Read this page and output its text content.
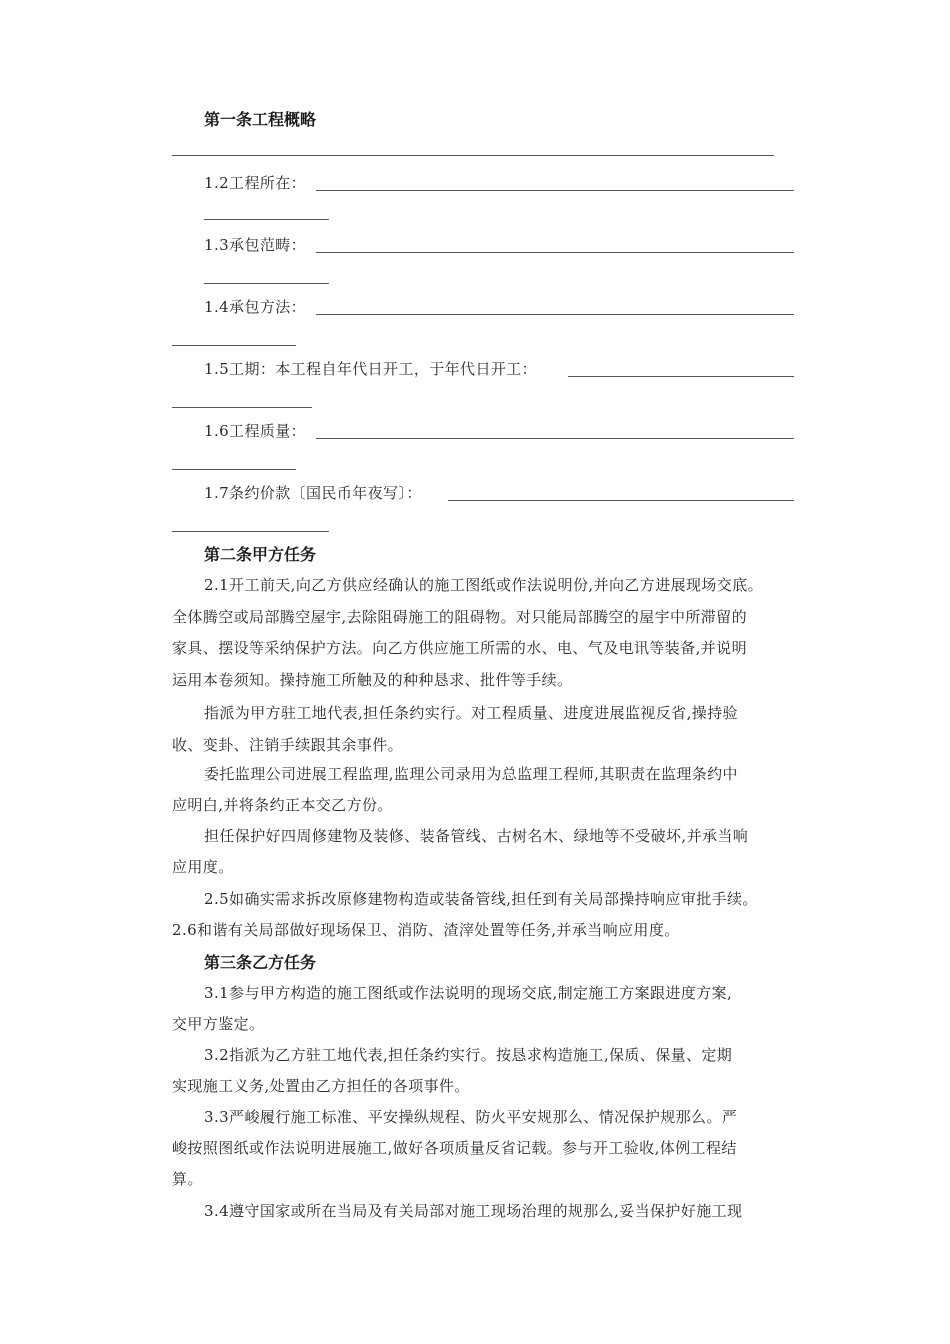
第一条工程概略
1.2工程所在：
1.3承包范畴：
1.4承包方法：
1.5工期：本工程自年代日开工，于年代日开工：
1.6工程质量：
1.7条约价款〔国民币年夜写〕：
第二条甲方任务
2.1开工前天,向乙方供应经确认的施工图纸或作法说明份,并向乙方进展现场交底。
全体腾空或局部腾空屋宇,去除阻碍施工的阻碍物。对只能局部腾空的屋宇中所滞留的
家具、摆设等采纳保护方法。向乙方供应施工所需的水、电、气及电讯等装备,并说明
运用本卷须知。操持施工所触及的种种恳求、批件等手续。
指派为甲方驻工地代表,担任条约实行。对工程质量、进度进展监视反省,操持验
收、变卦、注销手续跟其余事件。
委托监理公司进展工程监理,监理公司录用为总监理工程师,其职责在监理条约中
应明白,并将条约正本交乙方份。
担任保护好四周修建物及装修、装备管线、古树名木、绿地等不受破坏,并承当响
应用度。
2.5如确实需求拆改原修建物构造或装备管线,担任到有关局部操持响应审批手续。
2.6和谐有关局部做好现场保卫、消防、渣滓处置等任务,并承当响应用度。
第三条乙方任务
3.1参与甲方构造的施工图纸或作法说明的现场交底,制定施工方案跟进度方案,
交甲方鉴定。
3.2指派为乙方驻工地代表,担任条约实行。按恳求构造施工,保质、保量、定期
实现施工义务,处置由乙方担任的各项事件。
3.3严峻履行施工标准、平安操纵规程、防火平安规那么、情况保护规那么。严
峻按照图纸或作法说明进展施工,做好各项质量反省记载。参与开工验收,体例工程结
算。
3.4遵守国家或所在当局及有关局部对施工现场治理的规那么,妥当保护好施工现
